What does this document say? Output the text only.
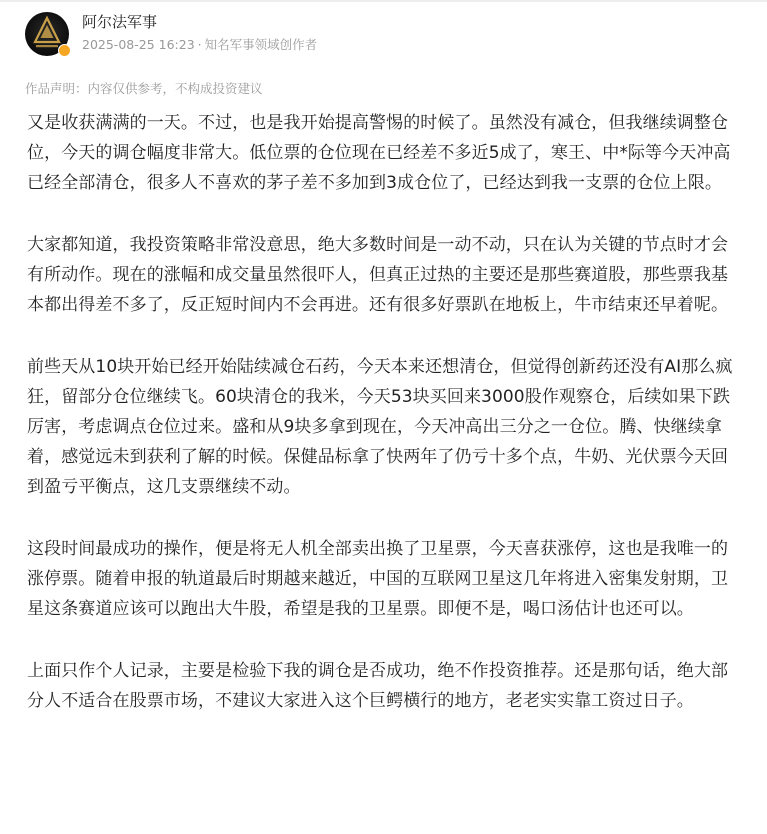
阿尔法军事
2025-08-25 16:23 · 知名军事领域创作者
作品声明：内容仅供参考，不构成投资建议

又是收获满满的一天。不过，也是我开始提高警惕的时候了。虽然没有减仓，但我继续调整仓位，今天的调仓幅度非常大。低位票的仓位现在已经差不多近5成了，寒王、中*际等今天冲高已经全部清仓，很多人不喜欢的茅子差不多加到3成仓位了，已经达到我一支票的仓位上限。

大家都知道，我投资策略非常没意思，绝大多数时间是一动不动，只在认为关键的节点时才会有所动作。现在的涨幅和成交量虽然很吓人，但真正过热的主要还是那些赛道股，那些票我基本都出得差不多了，反正短时间内不会再进。还有很多好票趴在地板上，牛市结束还早着呢。

前些天从10块开始已经开始陆续减仓石药，今天本来还想清仓，但觉得创新药还没有AI那么疯狂，留部分仓位继续飞。60块清仓的我米，今天53块买回来3000股作观察仓，后续如果下跌厉害，考虑调点仓位过来。盛和从9块多拿到现在，今天冲高出三分之一仓位。腾、快继续拿着，感觉远未到获利了解的时候。保健品标拿了快两年了仍亏十多个点，牛奶、光伏票今天回到盈亏平衡点，这几支票继续不动。

这段时间最成功的操作，便是将无人机全部卖出换了卫星票，今天喜获涨停，这也是我唯一的涨停票。随着申报的轨道最后时期越来越近，中国的互联网卫星这几年将进入密集发射期，卫星这条赛道应该可以跑出大牛股，希望是我的卫星票。即便不是，喝口汤估计也还可以。

上面只作个人记录，主要是检验下我的调仓是否成功，绝不作投资推荐。还是那句话，绝大部分人不适合在股票市场，不建议大家进入这个巨鳄横行的地方，老老实实靠工资过日子。
